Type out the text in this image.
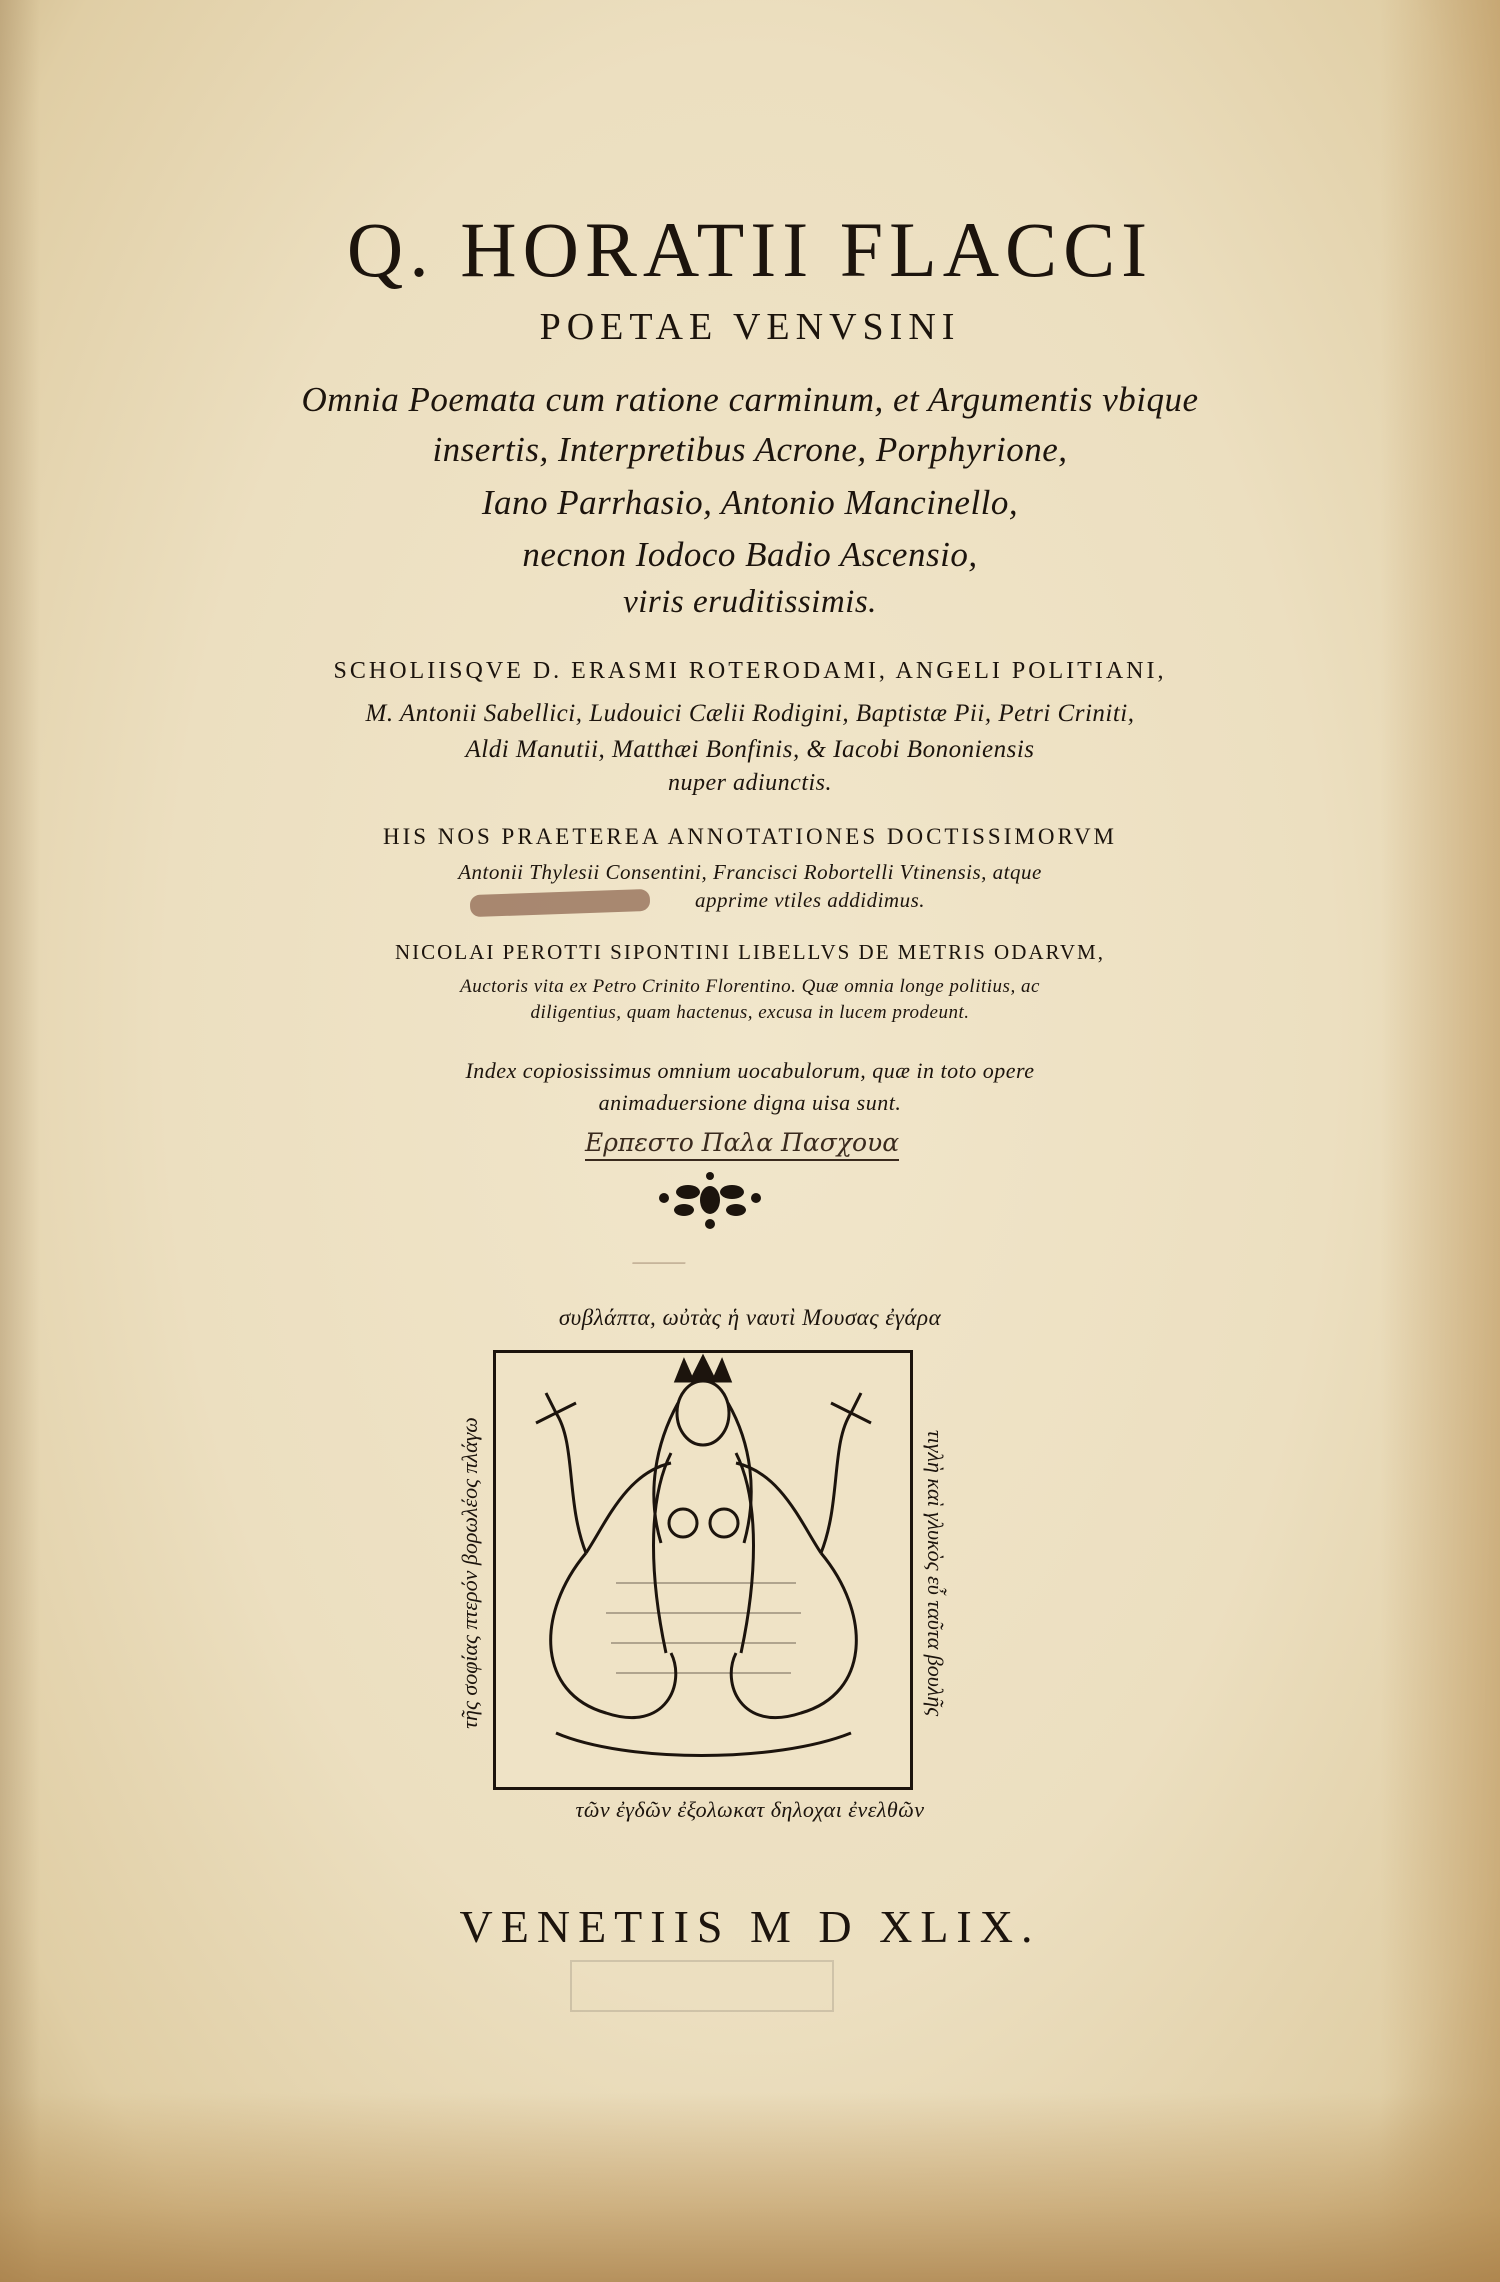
Q. HORATII FLACCI
POETAE VENVSINI
Omnia Poemata cum ratione carminum, et Argumentis vbique
insertis, Interpretibus Acrone, Porphyrione,
Iano Parrhasio, Antonio Mancinello,
necnon Iodoco Badio Ascensio,
viris eruditissimis.
SCHOLIISQVE D. ERASMI ROTERODAMI, ANGELI POLITIANI,
M. Antonii Sabellici, Ludouici Cælii Rodigini, Baptistæ Pii, Petri Criniti,
Aldi Manutii, Matthæi Bonfinis, & Iacobi Bononiensis
nuper adiunctis.
HIS NOS PRAETEREA ANNOTATIONES DOCTISSIMORVM
Antonii Thylesii Consentini, Francisci Robortelli Vtinensis, atque
apprime vtiles addidimus.
NICOLAI PEROTTI SIPONTINI LIBELLVS DE METRIS ODARVM,
Auctoris vita ex Petro Crinito Florentino. Quæ omnia longe politius, ac
diligentius, quam hactenus, excusa in lucem prodeunt.
Index copiosissimus omnium uocabulorum, quæ in toto opere
animaduersione digna uisa sunt.
Ερπεστο Παλα Πασχουα
⸻
συβλάπτα, ωὐτὰς ἡ ναυτὶ Μουσας ἐγάρα
τῆς σοφίας πτερόν βορωλέος πλάγω	τιγλὴ καὶ γλυκὸς εὖ ταῦτα βουλῆς
τῶν ἐγδῶν ἐξολωκατ δηλοχαι ἐνελθῶν
VENETIIS M D XLIX.
